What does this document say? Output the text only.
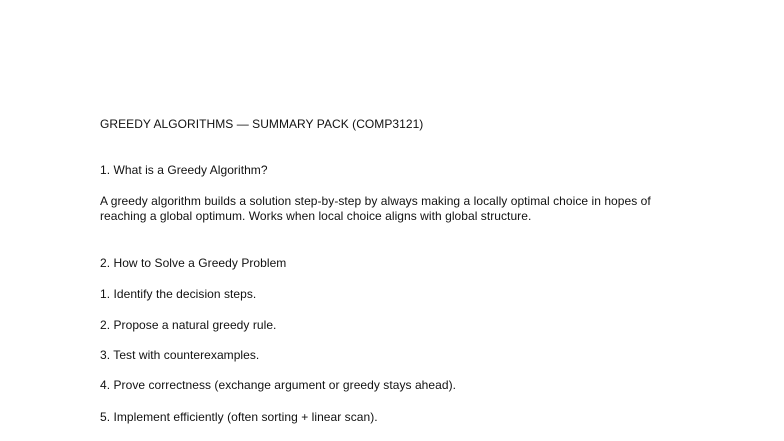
GREEDY ALGORITHMS — SUMMARY PACK (COMP3121)
1. What is a Greedy Algorithm?
A greedy algorithm builds a solution step-by-step by always making a locally optimal choice in hopes of
reaching a global optimum. Works when local choice aligns with global structure.
2. How to Solve a Greedy Problem
1. Identify the decision steps.
2. Propose a natural greedy rule.
3. Test with counterexamples.
4. Prove correctness (exchange argument or greedy stays ahead).
5. Implement efficiently (often sorting + linear scan).
